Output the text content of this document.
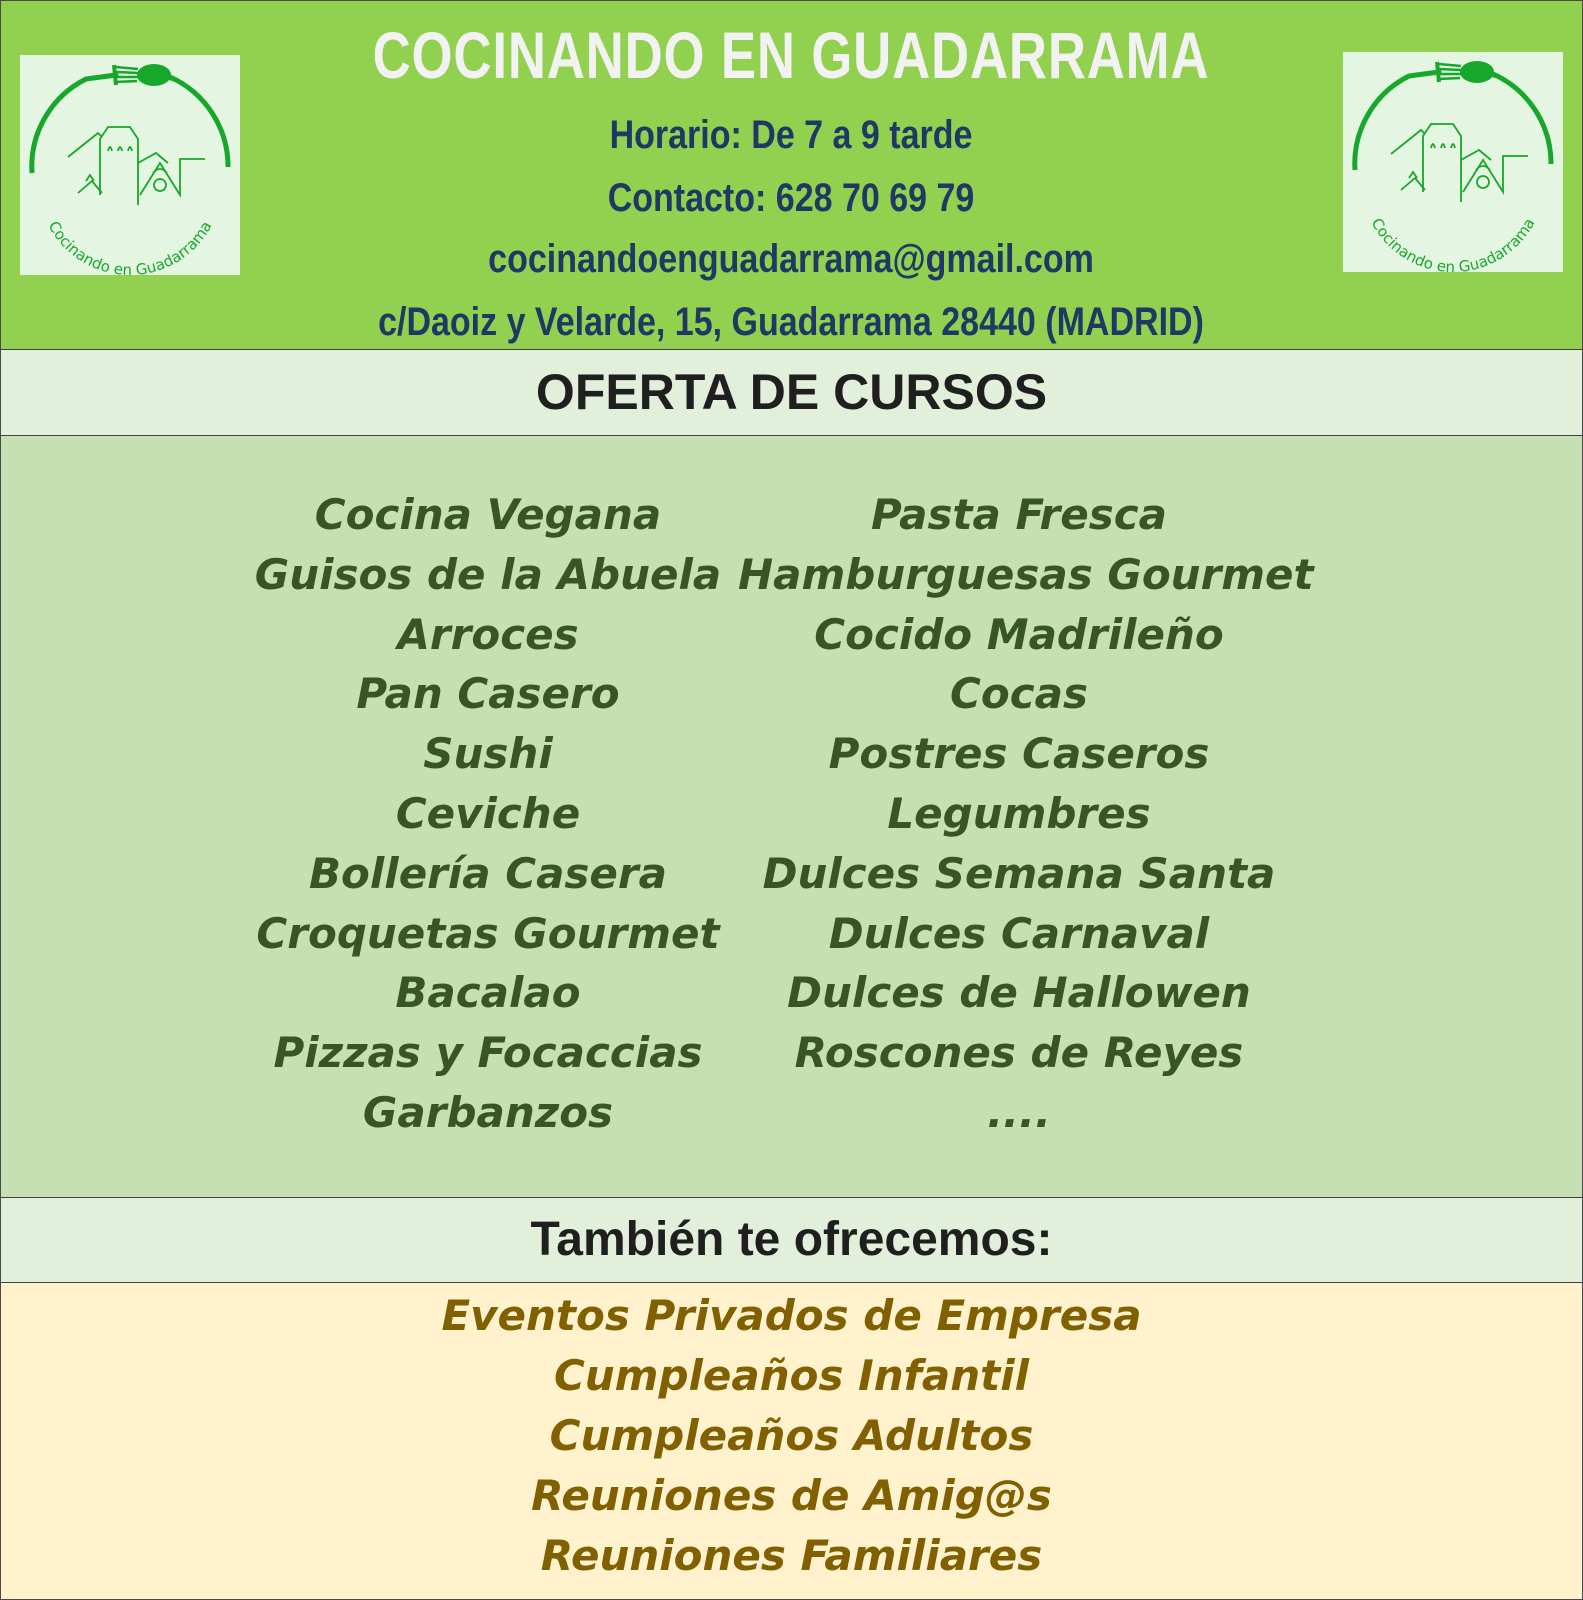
Cocinando en Guadarrama
COCINANDO EN GUADARRAMA
Horario: De 7 a 9 tarde
Contacto: 628 70 69 79
cocinandoenguadarrama@gmail.com
c/Daoiz y Velarde, 15, Guadarrama 28440 (MADRID)
Cocinando en Guadarrama
OFERTA DE CURSOS
Cocina Vegana
Guisos de la Abuela
Arroces
Pan Casero
Sushi
Ceviche
Bollería Casera
Croquetas Gourmet
Bacalao
Pizzas y Focaccias
Garbanzos
Pasta Fresca
Hamburguesas Gourmet
Cocido Madrileño
Cocas
Postres Caseros
Legumbres
Dulces Semana Santa
Dulces Carnaval
Dulces de Hallowen
Roscones de Reyes
....
También te ofrecemos:
Eventos Privados de Empresa
Cumpleaños Infantil
Cumpleaños Adultos
Reuniones de Amig@s
Reuniones Familiares
